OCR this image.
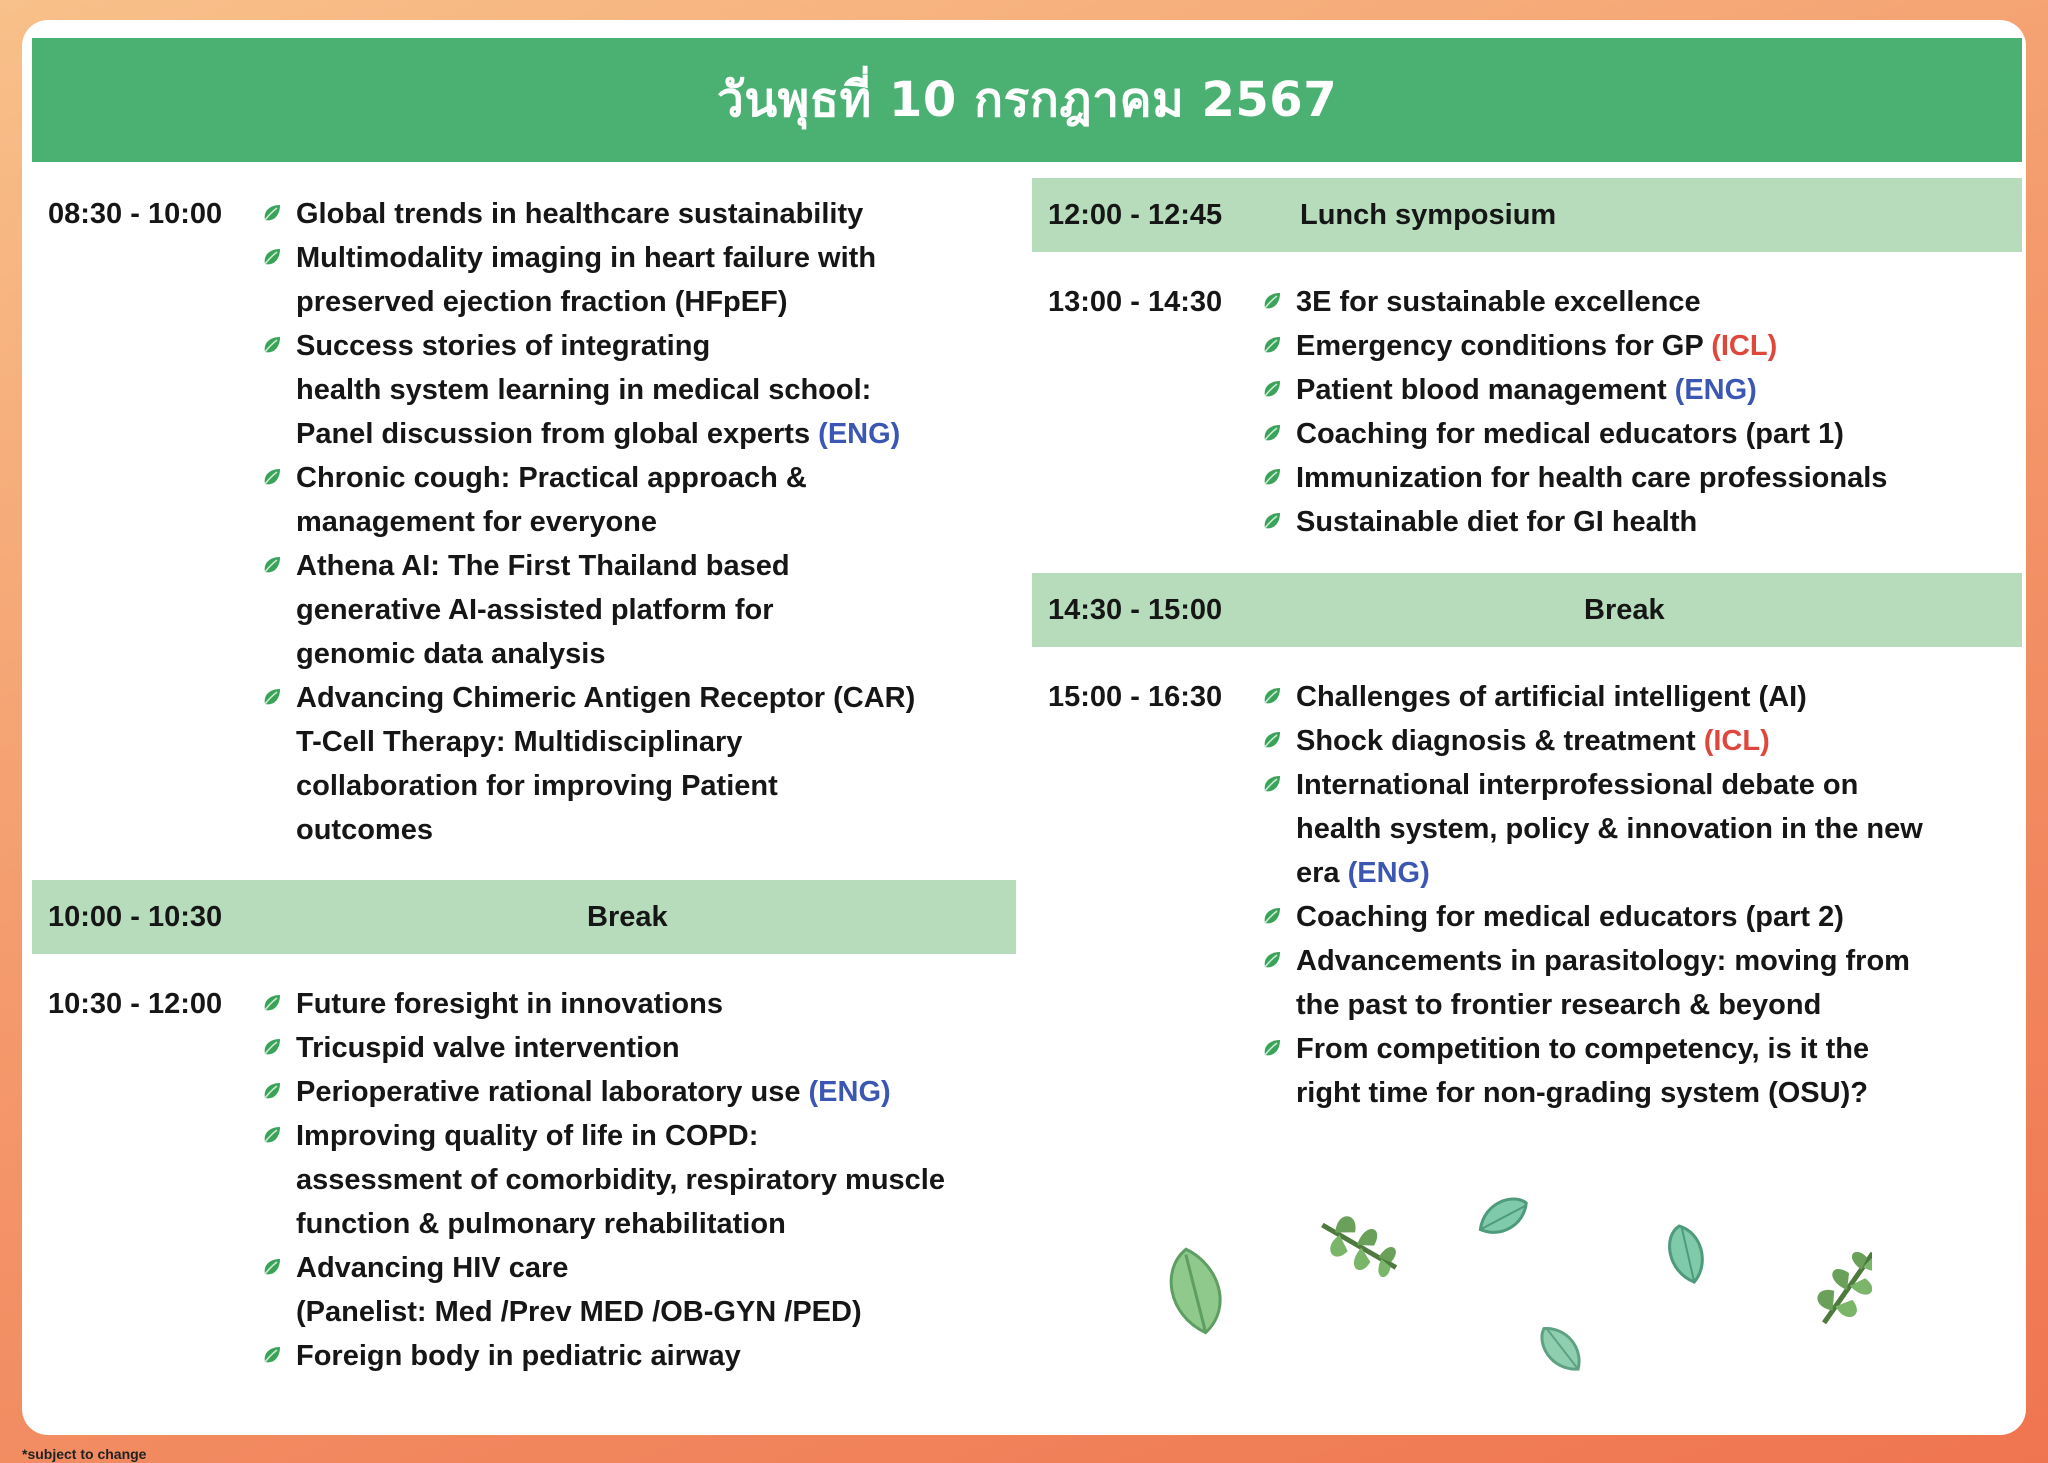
วันพุธที่ 10 กรกฎาคม 2567
08:30 - 10:00	Global trends in healthcare sustainability
Multimodality imaging in heart failure with
preserved ejection fraction (HFpEF)
Success stories of integrating
health system learning in medical school:
Panel discussion from global experts (ENG)
Chronic cough: Practical approach &
management for everyone
Athena AI: The First Thailand based
generative AI-assisted platform for
genomic data analysis
Advancing Chimeric Antigen Receptor (CAR)
T-Cell Therapy: Multidisciplinary
collaboration for improving Patient
outcomes
10:00 - 10:30	Break
10:30 - 12:00	Future foresight in innovations
Tricuspid valve intervention
Perioperative rational laboratory use (ENG)
Improving quality of life in COPD:
assessment of comorbidity, respiratory muscle
function & pulmonary rehabilitation
Advancing HIV care
(Panelist: Med /Prev MED /OB-GYN /PED)
Foreign body in pediatric airway
12:00 - 12:45	Lunch symposium
13:00 - 14:30	3E for sustainable excellence
Emergency conditions for GP (ICL)
Patient blood management (ENG)
Coaching for medical educators (part 1)
Immunization for health care professionals
Sustainable diet for GI health
14:30 - 15:00	Break
15:00 - 16:30	Challenges of artificial intelligent (AI)
Shock diagnosis & treatment (ICL)
International interprofessional debate on
health system, policy & innovation in the new
era (ENG)
Coaching for medical educators (part 2)
Advancements in parasitology: moving from
the past to frontier research & beyond
From competition to competency, is it the
right time for non-grading system (OSU)?
*subject to change
